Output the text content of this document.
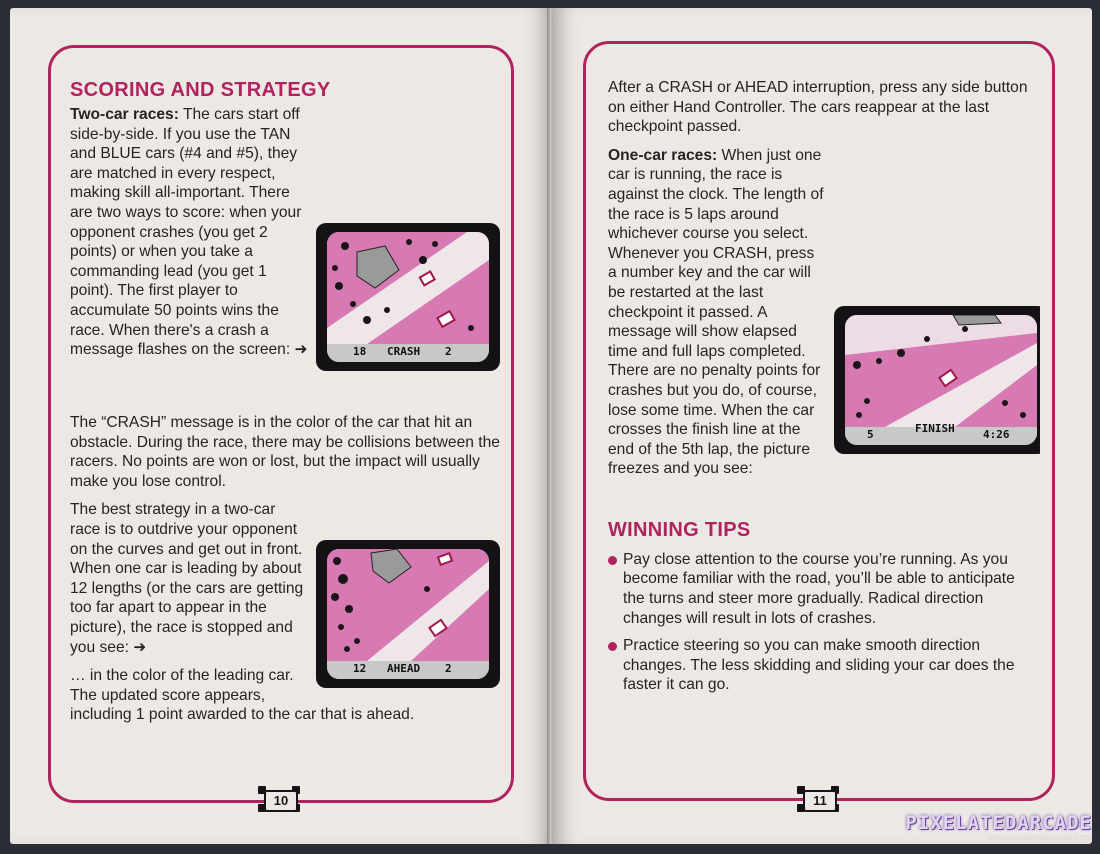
SCORING AND STRATEGY
18 CRASH 2

Two-car races: The cars start off side-by-side. If you use the TAN and BLUE cars (#4 and #5), they are matched in every respect, making skill all-important. There are two ways to score: when your opponent crashes (you get 2 points) or when you take a commanding lead (you get 1 point). The first player to accumulate 50 points wins the race. When there's a crash a message flashes on the screen: ➜

The “CRASH” message is in the color of the car that hit an obstacle. During the race, there may be collisions between the racers. No points are won or lost, but the impact will usually make you lose control.

12 AHEAD 2

The best strategy in a two-car race is to outdrive your opponent on the curves and get out in front. When one car is leading by about 12 lengths (or the cars are getting too far apart to appear in the picture), the race is stopped and you see: ➜

… in the color of the leading car. The updated score appears, including 1 point awarded to the car that is ahead.

10

After a CRASH or AHEAD interruption, press any side button on either Hand Controller. The cars reappear at the last checkpoint passed.

5	FINISH	4:26

One-car races: When just one car is running, the race is against the clock. The length of the race is 5 laps around whichever course you select. Whenever you CRASH, press a number key and the car will be restarted at the last checkpoint it passed. A message will show elapsed time and full laps completed. There are no penalty points for crashes but you do, of course, lose some time. When the car crosses the finish line at the end of the 5th lap, the picture freezes and you see:

WINNING TIPS
Pay close attention to the course you’re running. As you become familiar with the road, you’ll be able to anticipate the turns and steer more gradually. Radical direction changes will result in lots of crashes.
Practice steering so you can make smooth direction changes. The less skidding and sliding your car does the faster it can go.
11
PIXELATEDARCADE
www.pixelatedarcade.com
